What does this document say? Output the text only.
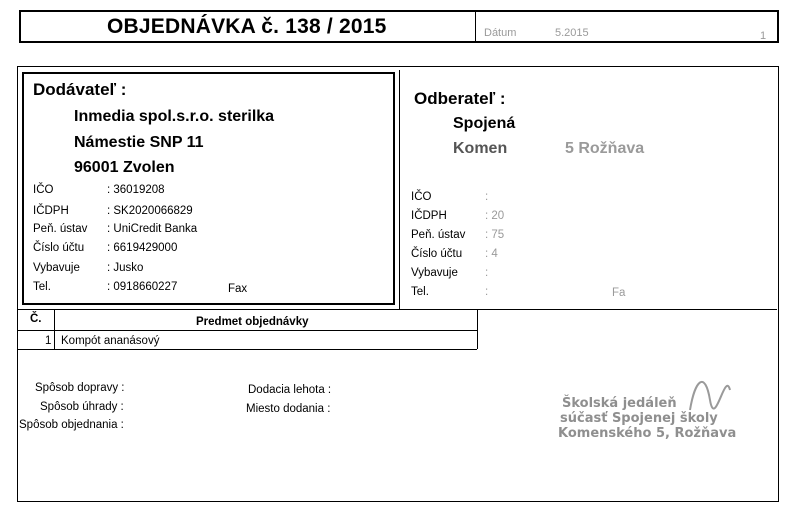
OBJEDNÁVKA č. 138 / 2015	Dátum	5.2015	1
Dodávateľ :
Inmedia spol.s.r.o. sterilka
Námestie SNP 11
96001 Zvolen
IČO	: 36019208
IČDPH	: SK2020066829
Peň. ústav : UniCredit Banka
Číslo účtu : 6619429000
Vybavuje : Jusko
Tel.	: 0918660227	Fax
Odberateľ :
Spojená
Komen	5 Rožňava
IČO	:
IČDPH	: 20
Peň. ústav : 75
Číslo účtu : 4
Vybavuje :
Tel.	:	Fa
Č.	Predmet objednávky
1 Kompót ananásový
Spôsob dopravy :
Spôsob úhrady :
Spôsob objednania :
Dodacia lehota :
Miesto dodania :	Školská jedáleň
súčasť Spojenej školy
Komenského 5, Rožňava
